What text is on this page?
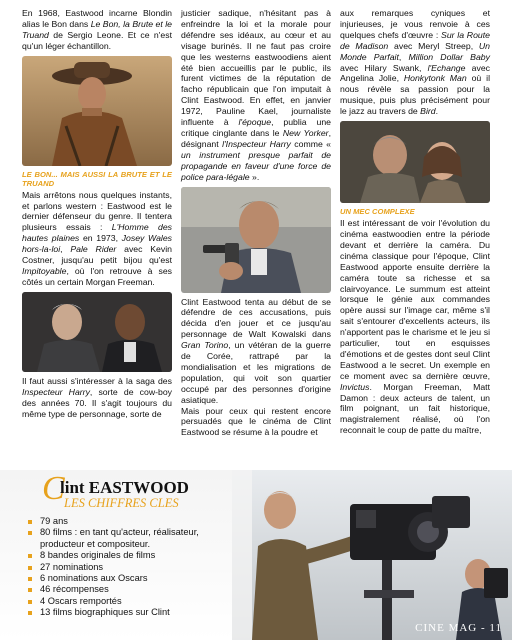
En 1968, Eastwood incarne Blondin alias le Bon dans Le Bon, la Brute et le Truand de Sergio Leone. Et ce n'est qu'un léger échantillon.

LE BON... MAIS AUSSI LA BRUTE ET LE TRUAND

Mais arrêtons nous quelques instants, et parlons western : Eastwood est le dernier défenseur du genre. Il tentera plusieurs essais : L'Homme des hautes plaines en 1973, Josey Wales hors-la-loi, Pale Rider avec Kevin Costner, jusqu'au petit bijou qu'est Impitoyable, où l'on retrouve à ses côtés un certain Morgan Freeman.

Il faut aussi s'intéresser à la saga des Inspecteur Harry, sorte de cow-boy des années 70. Il s'agit toujours du même type de personnage, sorte de

justicier sadique, n'hésitant pas à enfreindre la loi et la morale pour défendre ses idéaux, au cœur et au visage burinés. Il ne faut pas croire que les westerns eastwoodiens aient été bien accueillis par le public, ils furent victimes de la réputation de facho républicain que l'on imputait à Clint Eastwood. En effet, en janvier 1972, Pauline Kael, journaliste influente à l'époque, publia une critique cinglante dans le New Yorker, désignant l'Inspecteur Harry comme « un instrument presque parfait de propagande en faveur d'une force de police para-légale ».

Clint Eastwood tenta au début de se défendre de ces accusations, puis décida d'en jouer et ce jusqu'au personnage de Walt Kowalski dans Gran Torino, un vétéran de la guerre de Corée, rattrapé par la mondialisation et les migrations de population, qui voit son quartier occupé par des personnes d'origine asiatique.

Mais pour ceux qui restent encore persuadés que le cinéma de Clint Eastwood se résume à la poudre et

aux remarques cyniques et injurieuses, je vous renvoie à ces quelques chefs d'œuvre : Sur la Route de Madison avec Meryl Streep, Un Monde Parfait, Million Dollar Baby avec Hilary Swank, l'Echange avec Angelina Jolie, Honkytonk Man où il nous révèle sa passion pour la musique, puis plus précisément pour le jazz au travers de Bird.

UN MEC COMPLEXE

Il est intéressant de voir l'évolution du cinéma eastwoodien entre la période devant et derrière la caméra. Du cinéma classique pour l'époque, Clint Eastwood apporte ensuite derrière la caméra toute sa richesse et sa clairvoyance. Le summum est atteint lorsque le génie aux commandes opère aussi sur l'image car, même s'il sait s'entourer d'excellents acteurs, ils n'apportent pas le charisme et le jeu si particulier, tout en esquisses d'émotions et de gestes dont seul Clint Eastwood a le secret. Un exemple en ce moment avec sa dernière œuvre, Invictus. Morgan Freeman, Matt Damon : deux acteurs de talent, un film poignant, un fait historique, magistralement réalisé, où l'on reconnait le coup de patte du maître,

C
lint EASTWOOD
LES CHIFFRES CLES
79 ans
80 films : en tant qu'acteur, réalisateur, producteur et compositeur.
8 bandes originales de films
27 nominations
6 nominations aux Oscars
46 récompenses
4 Oscars remportés
13 films biographiques sur Clint
CINE MAG - 11
